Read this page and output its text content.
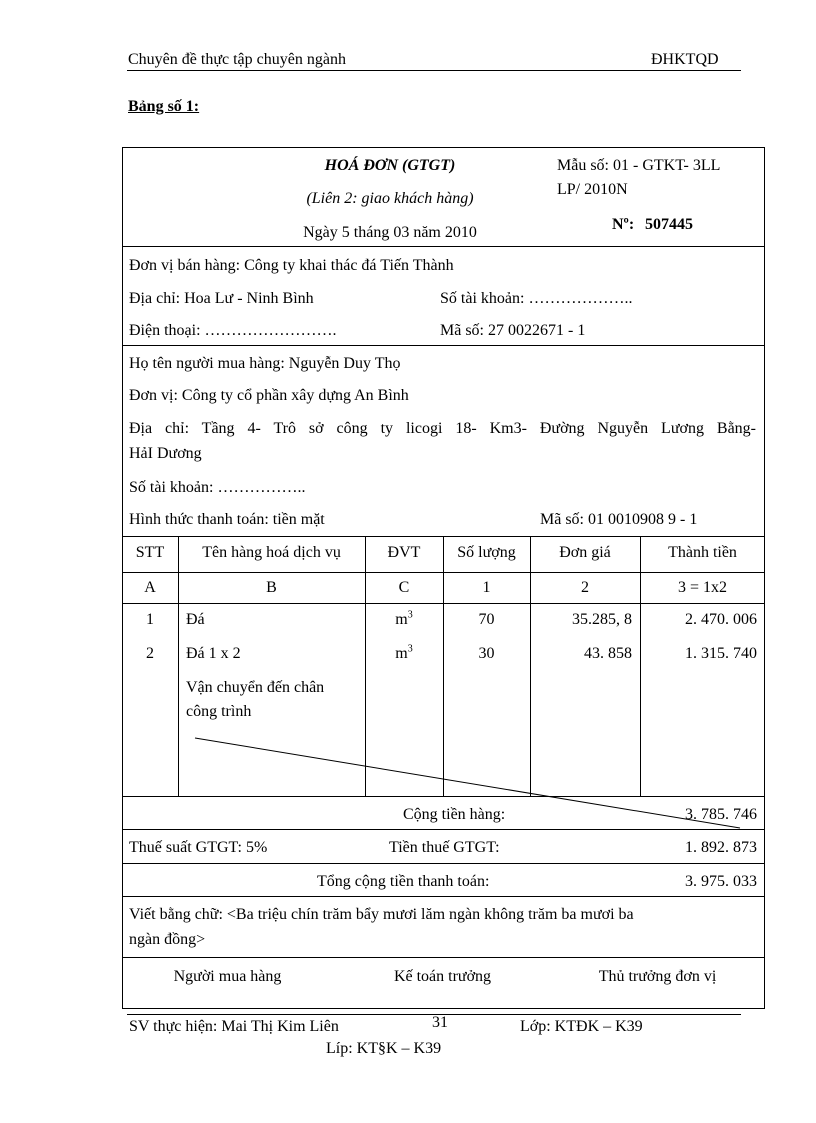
Chuyên đề thực tập chuyên ngành	ĐHKTQD
Bảng số 1:
HOÁ ĐƠN (GTGT)
(Liên 2: giao khách hàng)
Ngày 5 tháng 03 năm 2010
Mẫu số: 01 - GTKT- 3LL
LP/ 2010N
Nº: 507445
Đơn vị bán hàng: Công ty khai thác đá Tiến Thành
Địa chỉ: Hoa Lư - Ninh Bình	Số tài khoản: ………………..
Điện thoại: …………………….	Mã số: 27 0022671 - 1
Họ tên người mua hàng: Nguyễn Duy Thọ
Đơn vị: Công ty cổ phần xây dựng An Bình
Địa chỉ: Tầng 4- Trô sở công ty licogi 18- Km3- Đường Nguyễn Lương Bằng-
HảI Dương
Số tài khoản: ……………..
Hình thức thanh toán: tiền mặt	Mã số: 01 0010908 9 - 1
STT	Tên hàng hoá dịch vụ	ĐVT	Số lượng	Đơn giá	Thành tiền
A	B	C	1	2	3 = 1x2
1	Đá	$m^3$	70	35.285, 8	2. 470. 006
2	Đá 1 x 2	$m^3$	30	43. 858	1. 315. 740
Vận chuyển đến chân
công trình
Cộng tiền hàng:	3. 785. 746
Thuế suất GTGT: 5%	Tiền thuế GTGT:	1. 892. 873
Tổng cộng tiền thanh toán:	3. 975. 033
Viết bằng chữ: <Ba triệu chín trăm bẩy mươi lăm ngàn không trăm ba mươi ba
ngàn đồng>
Người mua hàng	Kế toán trưởng	Thủ trưởng đơn vị
SV thực hiện: Mai Thị Kim Liên	31	Lớp: KTĐK – K39
Líp: KT§K – K39
